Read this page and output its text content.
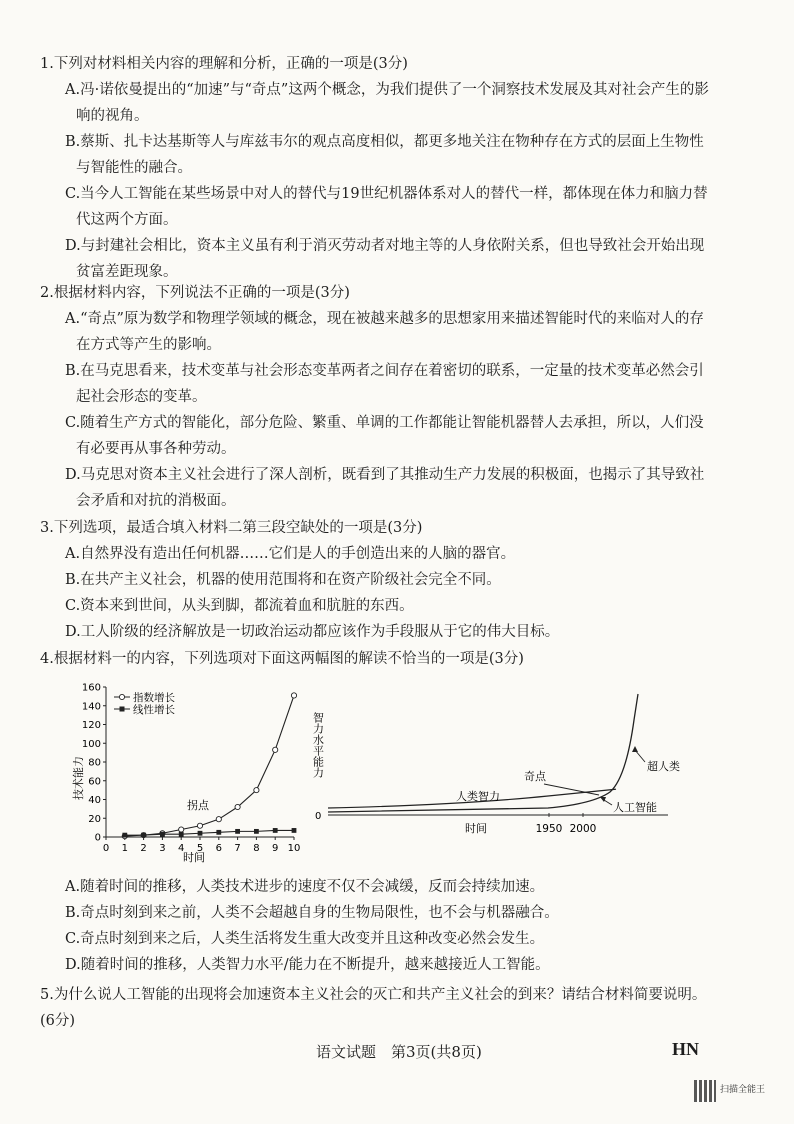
1.下列对材料相关内容的理解和分析，正确的一项是(3分)

A.冯·诺依曼提出的“加速”与“奇点”这两个概念，为我们提供了一个洞察技术发展及其对社会产生的影响的视角。

B.蔡斯、扎卡达基斯等人与库兹韦尔的观点高度相似，都更多地关注在物种存在方式的层面上生物性与智能性的融合。

C.当今人工智能在某些场景中对人的替代与19世纪机器体系对人的替代一样，都体现在体力和脑力替代这两个方面。

D.与封建社会相比，资本主义虽有利于消灭劳动者对地主等的人身依附关系，但也导致社会开始出现贫富差距现象。

2.根据材料内容，下列说法不正确的一项是(3分)

A.“奇点”原为数学和物理学领域的概念，现在被越来越多的思想家用来描述智能时代的来临对人的存在方式等产生的影响。

B.在马克思看来，技术变革与社会形态变革两者之间存在着密切的联系，一定量的技术变革必然会引起社会形态的变革。

C.随着生产方式的智能化，部分危险、繁重、单调的工作都能让智能机器替人去承担，所以，人们没有必要再从事各种劳动。

D.马克思对资本主义社会进行了深人剖析，既看到了其推动生产力发展的积极面，也揭示了其导致社会矛盾和对抗的消极面。

3.下列选项，最适合填入材料二第三段空缺处的一项是(3分)

A.自然界没有造出任何机器……它们是人的手创造出来的人脑的器官。

B.在共产主义社会，机器的使用范围将和在资产阶级社会完全不同。

C.资本来到世间，从头到脚，都流着血和肮脏的东西。

D.工人阶级的经济解放是一切政治运动都应该作为手段服从于它的伟大目标。

4.根据材料一的内容，下列选项对下面这两幅图的解读不恰当的一项是(3分)

0
20
40
60
80
100
120
140
160
0 1 2 3 4 5 6 7 8 9 10
指数增长
线性增长
技术能力
时间
拐点
0
智力水平能力
人类智力
奇点
超人类
人工智能
时间	1950 2000

A.随着时间的推移，人类技术进步的速度不仅不会减缓，反而会持续加速。

B.奇点时刻到来之前，人类不会超越自身的生物局限性，也不会与机器融合。

C.奇点时刻到来之后，人类生活将发生重大改变并且这种改变必然会发生。

D.随着时间的推移，人类智力水平/能力在不断提升，越来越接近人工智能。

5.为什么说人工智能的出现将会加速资本主义社会的灭亡和共产主义社会的到来？请结合材料简要说明。(6分)

语文试题　第3页(共8页)	HN
扫描全能王
